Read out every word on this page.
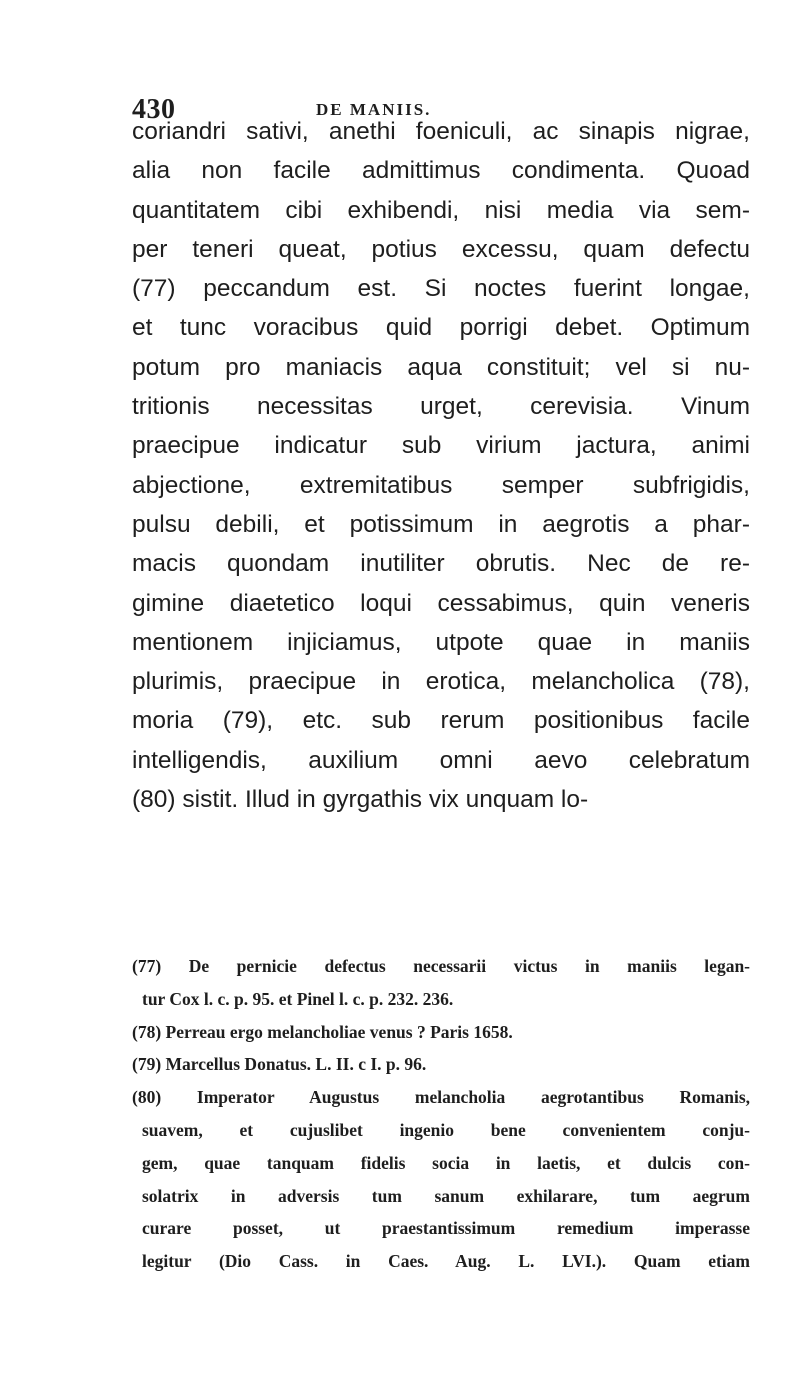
430	DE MANIIS.
coriandri sativi, anethi foeniculi, ac sinapis nigrae,
alia non facile admittimus condimenta. Quoad
quantitatem cibi exhibendi, nisi media via sem-
per teneri queat, potius excessu, quam defectu
(77) peccandum est. Si noctes fuerint longae,
et tunc voracibus quid porrigi debet. Optimum
potum pro maniacis aqua constituit; vel si nu-
tritionis necessitas urget, cerevisia. Vinum
praecipue indicatur sub virium jactura, animi
abjectione, extremitatibus semper subfrigidis,
pulsu debili, et potissimum in aegrotis a phar-
macis quondam inutiliter obrutis. Nec de re-
gimine diaetetico loqui cessabimus, quin veneris
mentionem injiciamus, utpote quae in maniis
plurimis, praecipue in erotica, melancholica (78),
moria (79), etc. sub rerum positionibus facile
intelligendis, auxilium omni aevo celebratum
(80) sistit. Illud in gyrgathis vix unquam lo-
(77) De pernicie defectus necessarii victus in maniis legan-
tur Cox l. c. p. 95. et Pinel l. c. p. 232. 236.
(78) Perreau ergo melancholiae venus ? Paris 1658.
(79) Marcellus Donatus. L. II. c I. p. 96.
(80) Imperator Augustus melancholia aegrotantibus Romanis,
suavem, et cujuslibet ingenio bene convenientem conju-
gem, quae tanquam fidelis socia in laetis, et dulcis con-
solatrix in adversis tum sanum exhilarare, tum aegrum
curare posset, ut praestantissimum remedium imperasse
legitur (Dio Cass. in Caes. Aug. L. LVI.). Quam etiam
